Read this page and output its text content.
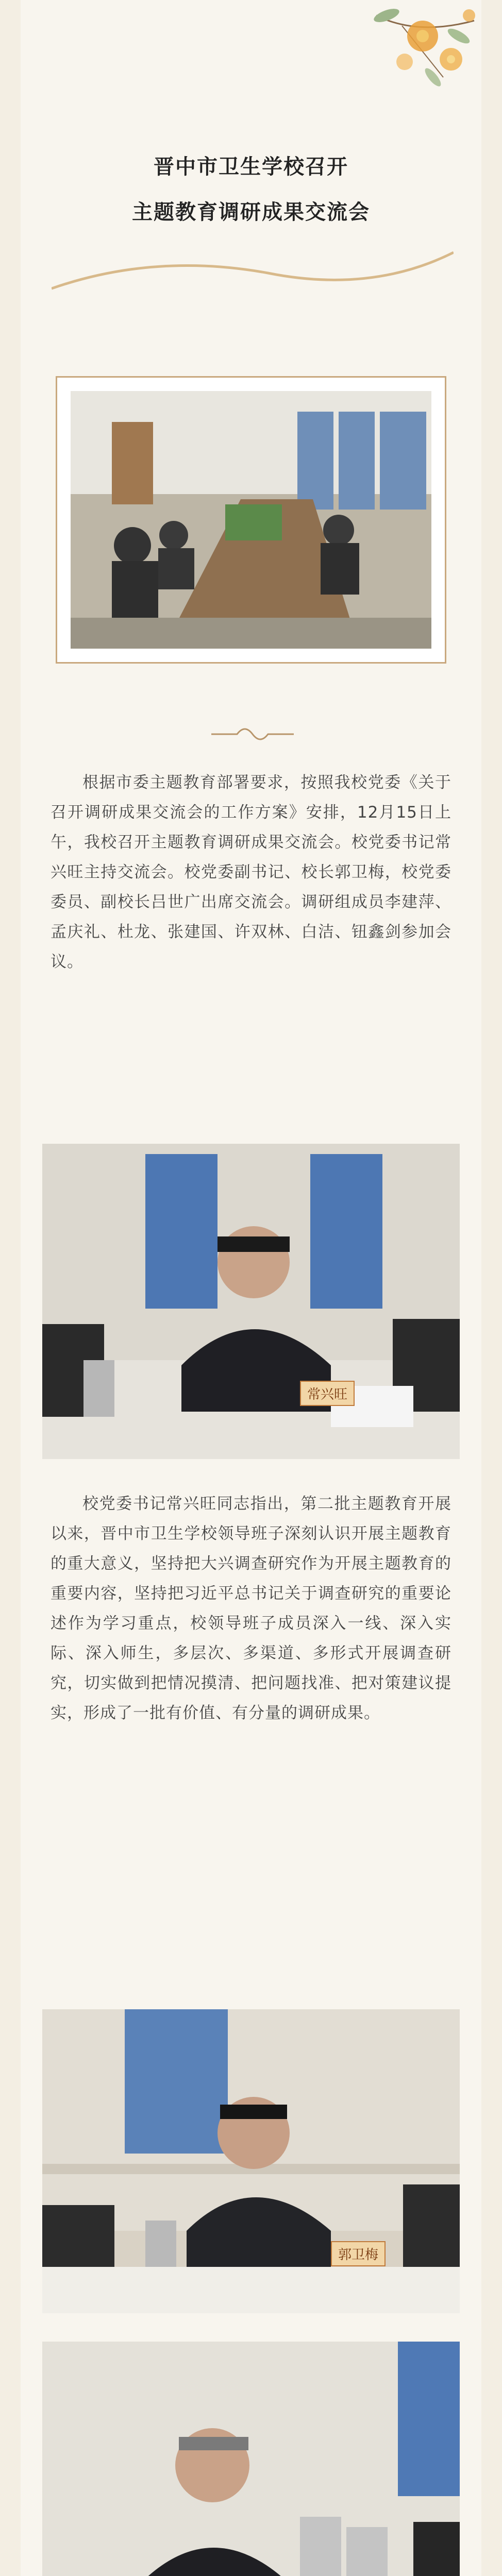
晋中市卫生学校召开
主题教育调研成果交流会

根据市委主题教育部署要求，按照我校党委《关于召开调研成果交流会的工作方案》安排，12月15日上午，我校召开主题教育调研成果交流会。校党委书记常兴旺主持交流会。校党委副书记、校长郭卫梅，校党委委员、副校长吕世广出席交流会。调研组成员李建萍、孟庆礼、杜龙、张建国、许双林、白洁、钮鑫剑参加会议。

常兴旺

校党委书记常兴旺同志指出，第二批主题教育开展以来，晋中市卫生学校领导班子深刻认识开展主题教育的重大意义，坚持把大兴调查研究作为开展主题教育的重要内容，坚持把习近平总书记关于调查研究的重要论述作为学习重点，校领导班子成员深入一线、深入实际、深入师生，多层次、多渠道、多形式开展调查研究，切实做到把情况摸清、把问题找准、把对策建议提实，形成了一批有价值、有分量的调研成果。

郭卫梅
